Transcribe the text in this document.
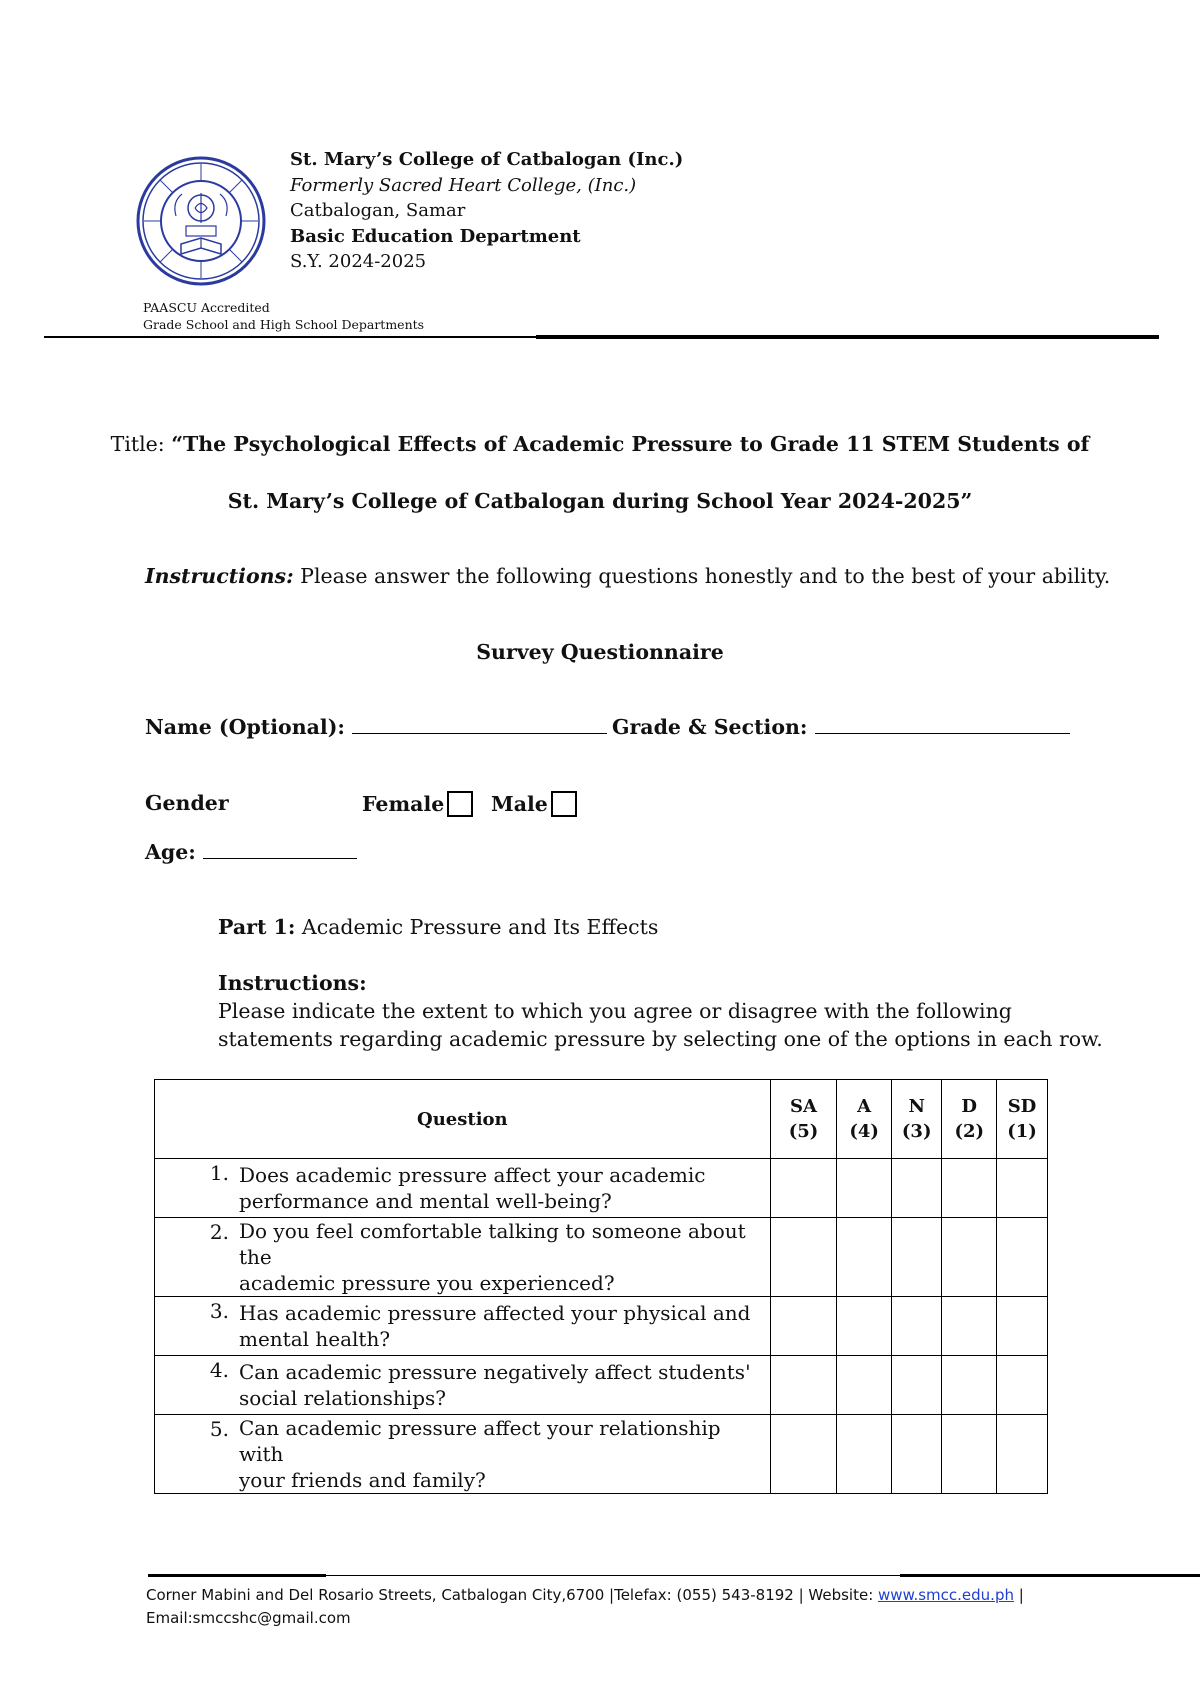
St. Mary’s College of Catbalogan (Inc.)
Formerly Sacred Heart College, (Inc.)
Catbalogan, Samar
Basic Education Department
S.Y. 2024-2025
PAASCU Accredited
Grade School and High School Departments
Title: “The Psychological Effects of Academic Pressure to Grade 11 STEM Students of
St. Mary’s College of Catbalogan during School Year 2024-2025”
Instructions: Please answer the following questions honestly and to the best of your ability.
Survey Questionnaire
Name (Optional):	Grade & Section:
Gender	Female	Male
Age:
Part 1: Academic Pressure and Its Effects
Instructions:
Please indicate the extent to which you agree or disagree with the following
statements regarding academic pressure by selecting one of the options in each row.
Question	SA (5)	A (4)	N (3)	D (2)	SD (1)

1. Does academic pressure affect your academic
performance and mental well-being?					

2. Do you feel comfortable talking to someone about the
academic pressure you experienced?					

3. Has academic pressure affected your physical and
mental health?					

4. Can academic pressure negatively affect students'
social relationships?					

5. Can academic pressure affect your relationship with
your friends and family?					

Corner Mabini and Del Rosario Streets, Catbalogan City,6700 |Telefax: (055) 543-8192 | Website: www.smcc.edu.ph |
Email:smccshc@gmail.com
